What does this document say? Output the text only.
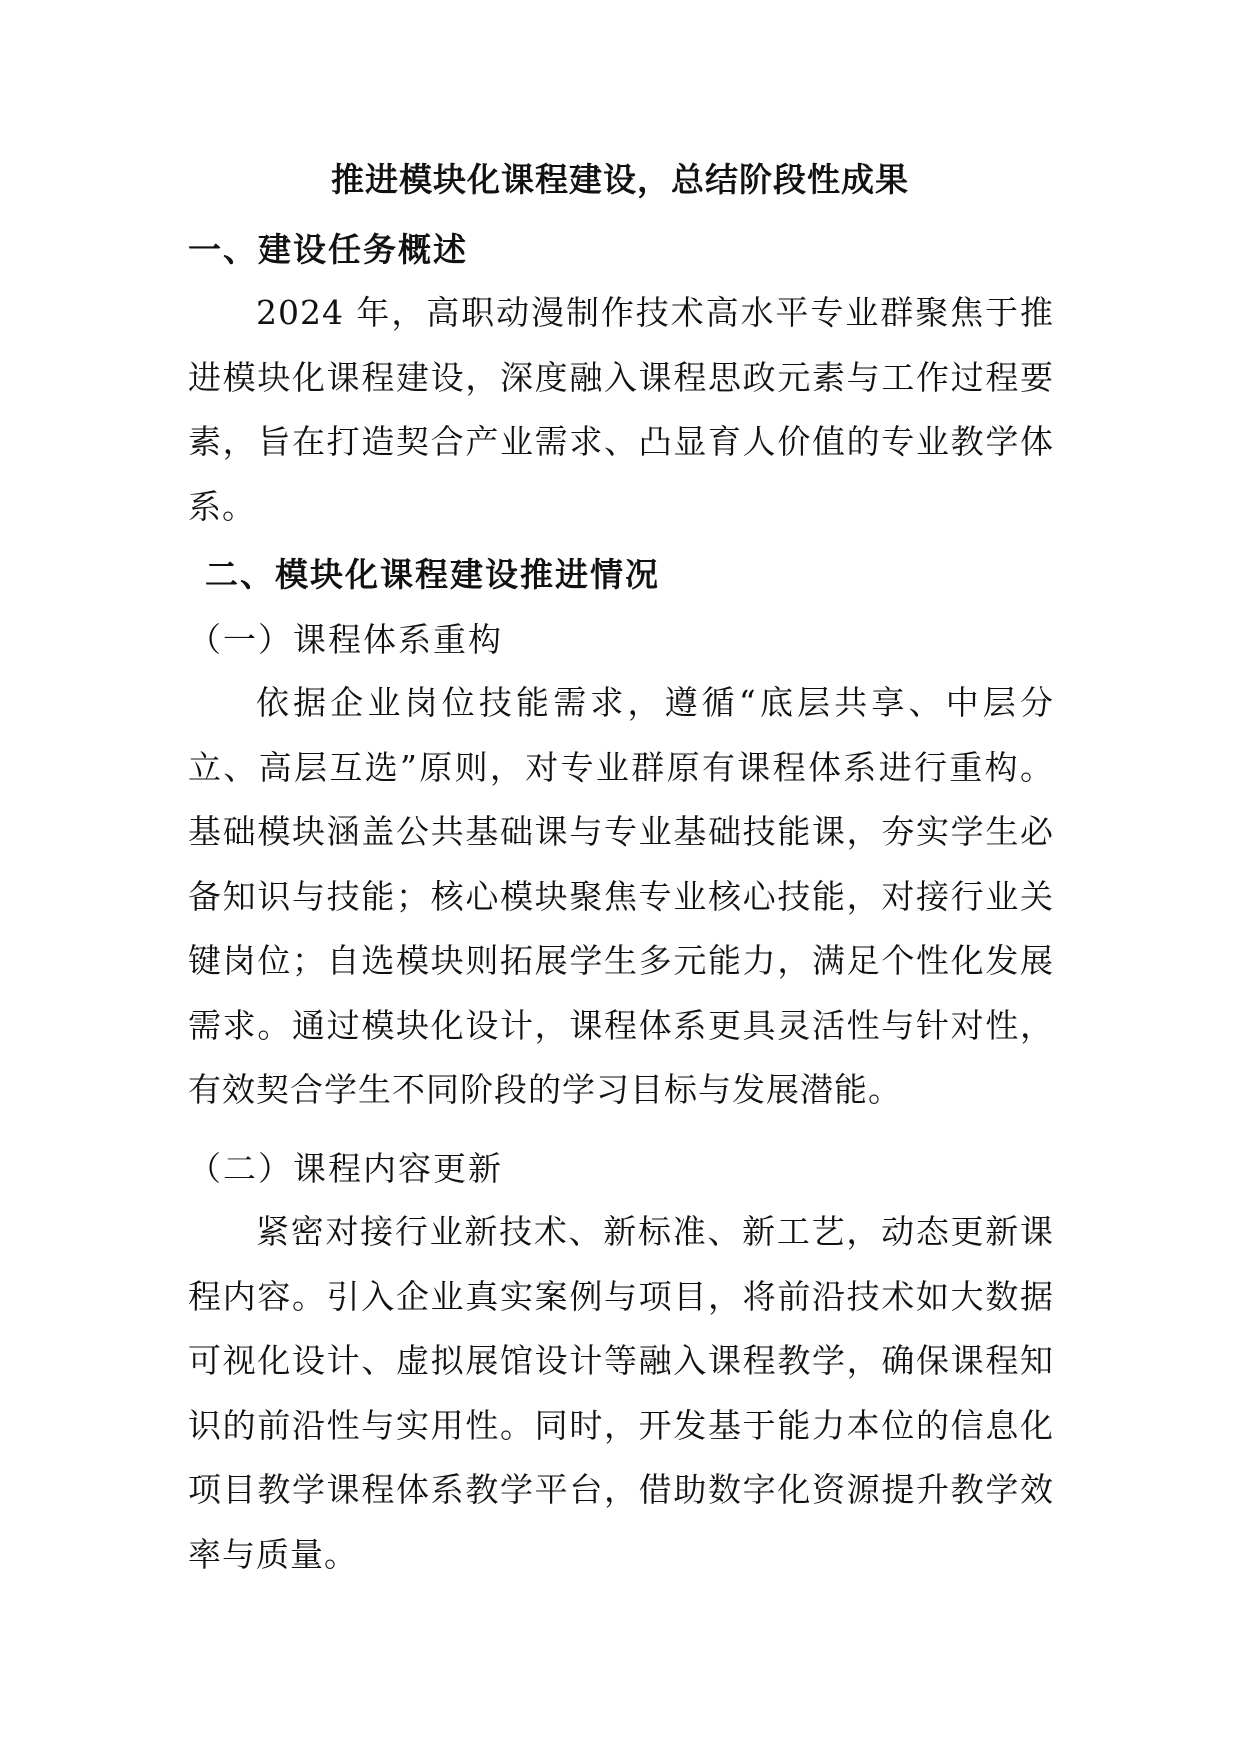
推进模块化课程建设，总结阶段性成果
一、建设任务概述

2024 年，高职动漫制作技术高水平专业群聚焦于推进模块化课程建设，深度融入课程思政元素与工作过程要素，旨在打造契合产业需求、凸显育人价值的专业教学体系。

二、模块化课程建设推进情况
（一）课程体系重构

依据企业岗位技能需求，遵循“底层共享、中层分立、高层互选”原则，对专业群原有课程体系进行重构。基础模块涵盖公共基础课与专业基础技能课，夯实学生必备知识与技能；核心模块聚焦专业核心技能，对接行业关键岗位；自选模块则拓展学生多元能力，满足个性化发展需求。通过模块化设计，课程体系更具灵活性与针对性，有效契合学生不同阶段的学习目标与发展潜能。

（二）课程内容更新

紧密对接行业新技术、新标准、新工艺，动态更新课程内容。引入企业真实案例与项目，将前沿技术如大数据可视化设计、虚拟展馆设计等融入课程教学，确保课程知识的前沿性与实用性。同时，开发基于能力本位的信息化项目教学课程体系教学平台，借助数字化资源提升教学效率与质量。
